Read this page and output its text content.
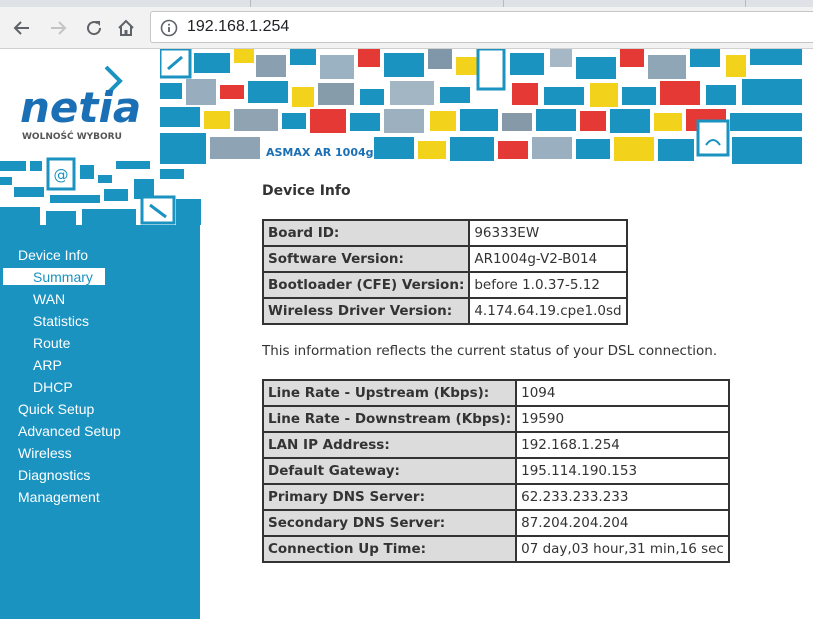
192.168.1.254
netia
WOLNOŚĆ WYBORU
@
ASMAX AR 1004g
Device Info
Summary
WAN
Statistics
Route
ARP
DHCP
Quick Setup
Advanced Setup
Wireless
Diagnostics
Management
Device Info
Board ID:	96333EW
Software Version:	AR1004g-V2-B014
Bootloader (CFE) Version:	before 1.0.37-5.12
Wireless Driver Version:	4.174.64.19.cpe1.0sd
This information reflects the current status of your DSL connection.
Line Rate - Upstream (Kbps):	1094
Line Rate - Downstream (Kbps):	19590
LAN IP Address:	192.168.1.254
Default Gateway:	195.114.190.153
Primary DNS Server:	62.233.233.233
Secondary DNS Server:	87.204.204.204
Connection Up Time:	07 day,03 hour,31 min,16 sec
